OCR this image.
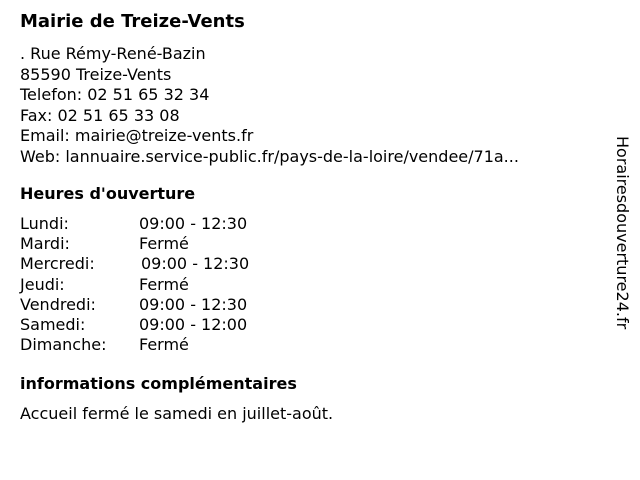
Mairie de Treize-Vents
. Rue Rémy-René-Bazin
85590 Treize-Vents
Telefon: 02 51 65 32 34
Fax: 02 51 65 33 08
Email: mairie@treize-vents.fr
Web: lannuaire.service-public.fr/pays-de-la-loire/vendee/71a...
Heures d'ouverture
Lundi:	09:00 - 12:30
Mardi:	Fermé
Mercredi:	09:00 - 12:30
Jeudi:	Fermé
Vendredi:	09:00 - 12:30
Samedi:	09:00 - 12:00
Dimanche: Fermé
informations complémentaires
Accueil fermé le samedi en juillet-août.
Horairesdouverture24.fr
